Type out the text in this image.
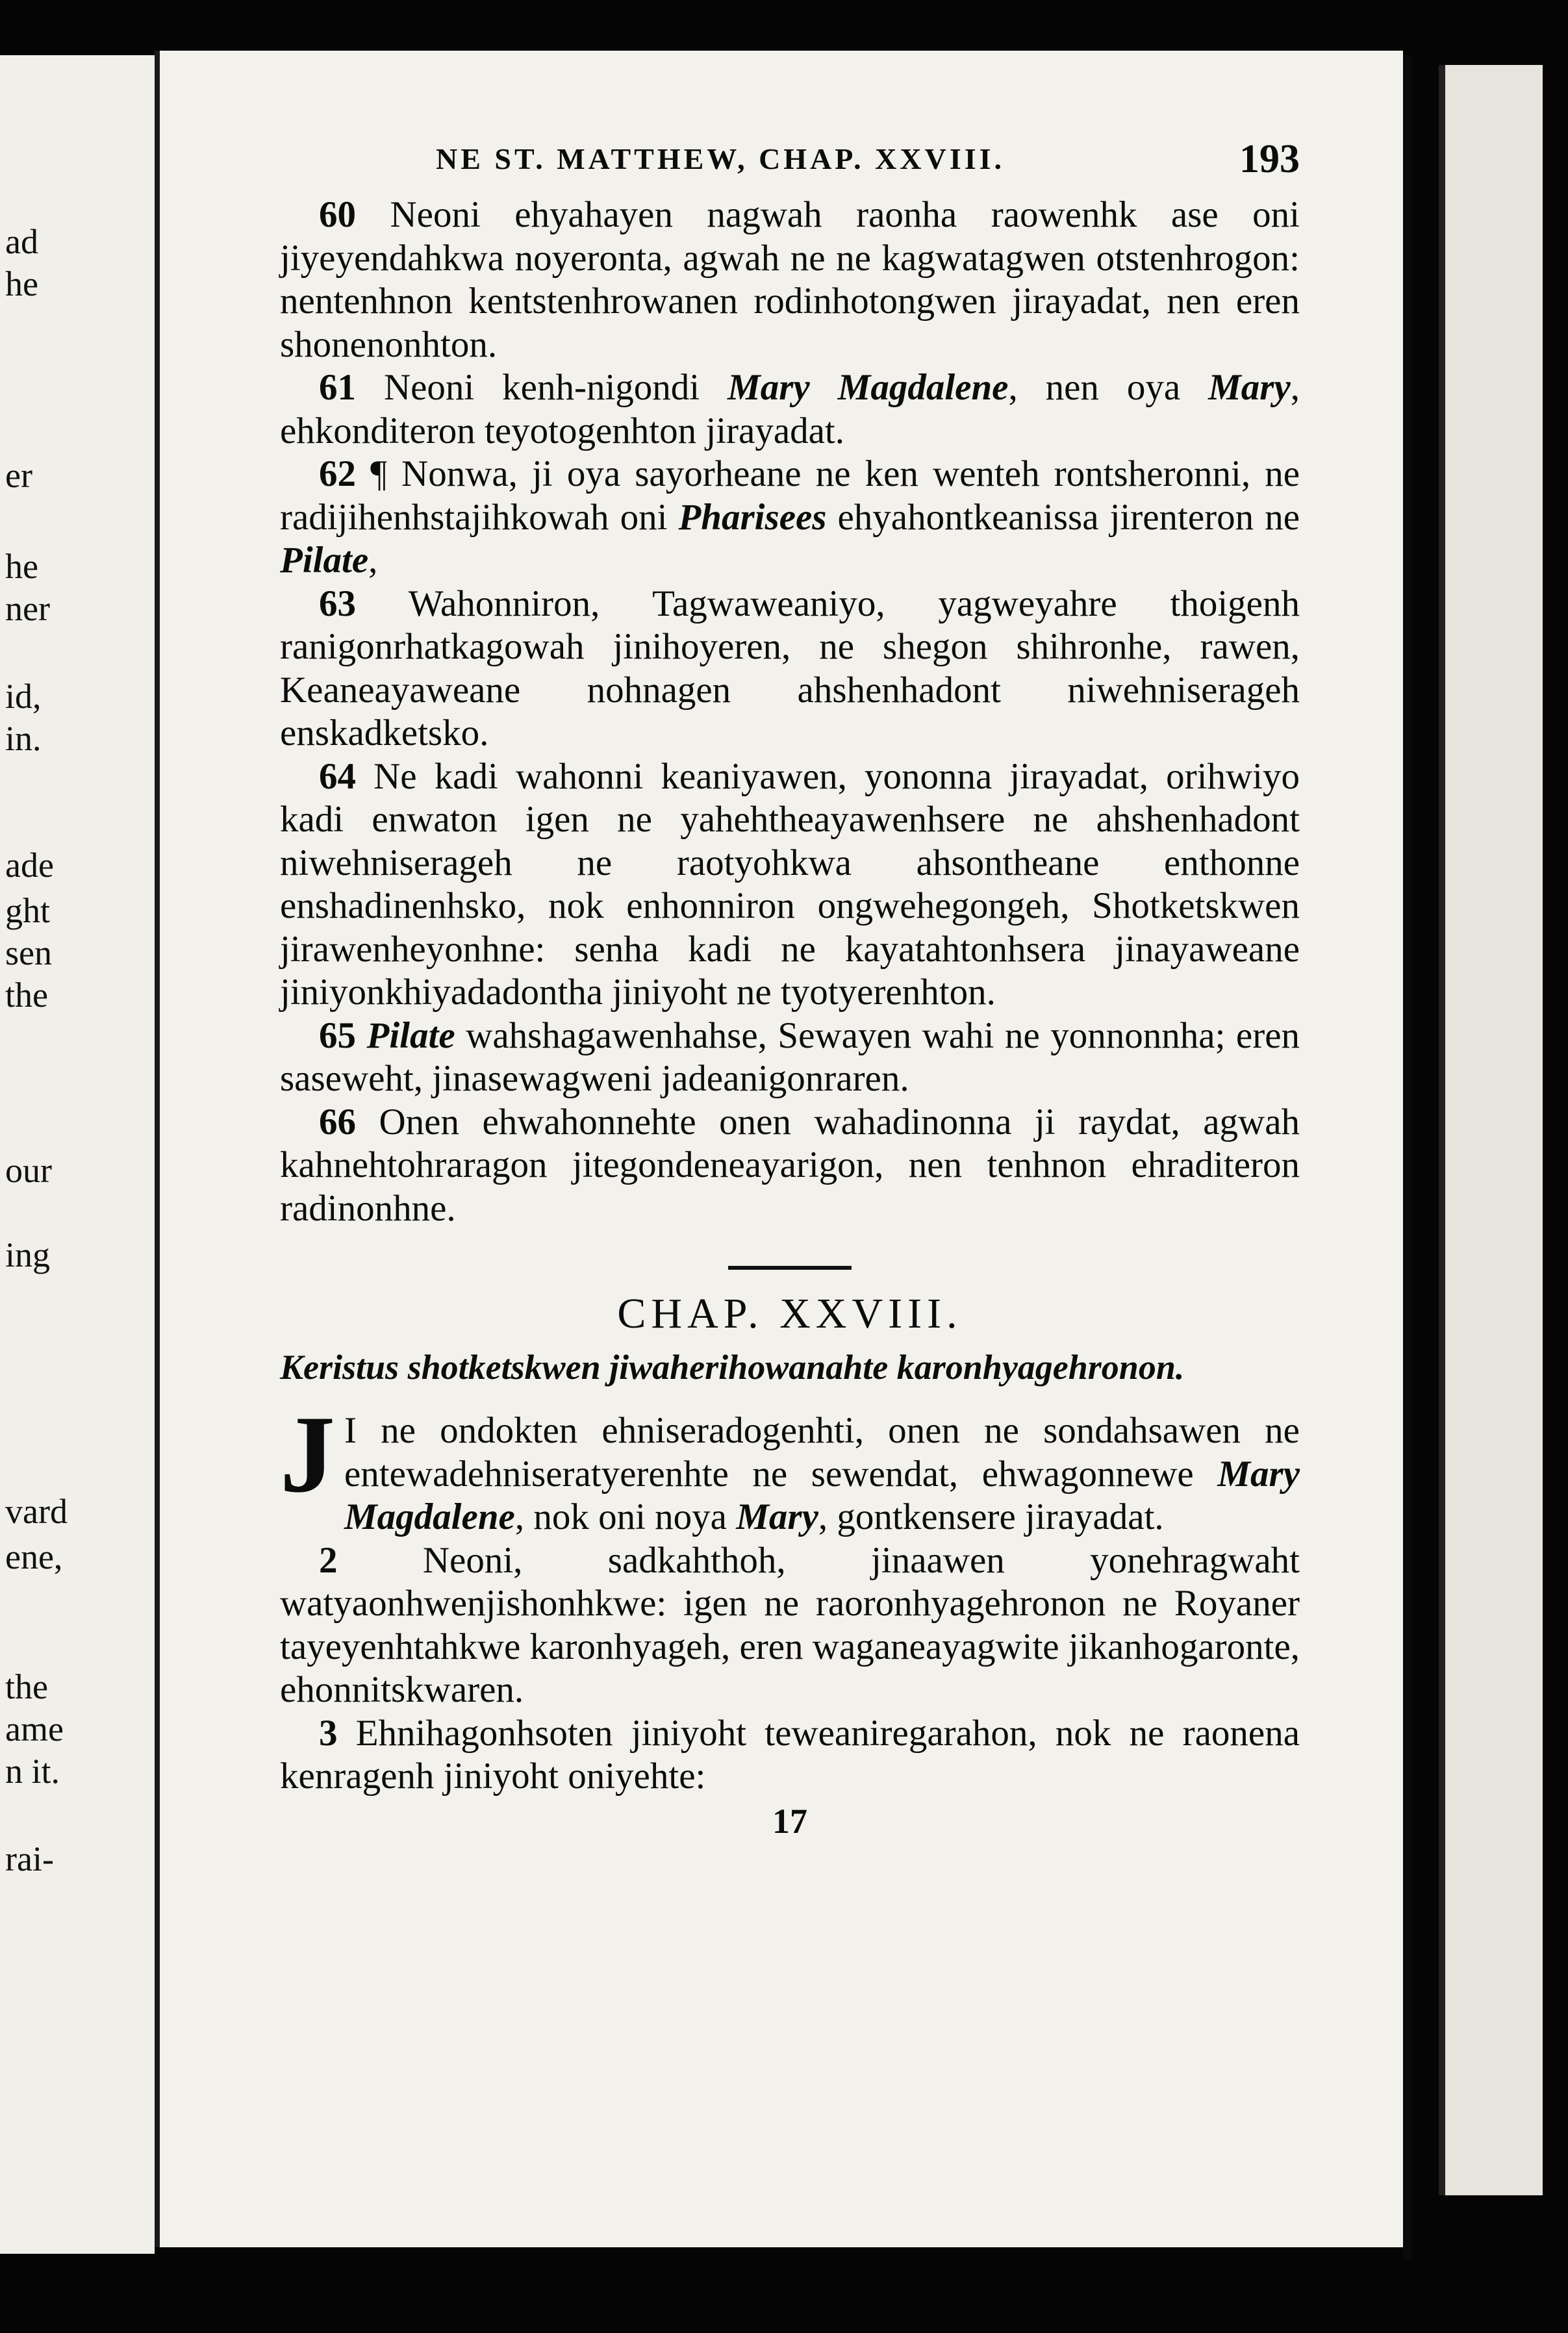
ad
he
er
he
ner
id,
in.
ade
ght
sen
the
our
ing
vard
ene,
the
ame
n it.
rai-
NE ST. MATTHEW, CHAP. XXVIII.	193

60 Neoni ehyahayen nagwah raonha raowenhk ase oni jiyeyendahkwa noyeronta, agwah ne ne kagwatagwen otstenhrogon: nentenhnon kentstenhrowanen rodinhotongwen jirayadat, nen eren shonenonhton.

61 Neoni kenh-nigondi Mary Magdalene, nen oya Mary, ehkonditeron teyotogenhton jirayadat.

62 ¶ Nonwa, ji oya sayorheane ne ken wenteh rontsheronni, ne radijihenhstajihkowah oni Pharisees ehyahontkeanissa jirenteron ne Pilate,

63 Wahonniron, Tagwaweaniyo, yagweyahre thoigenh ranigonrhatkagowah jinihoyeren, ne shegon shihronhe, rawen, Keaneayaweane nohnagen ahshenhadont niwehniserageh enskadketsko.

64 Ne kadi wahonni keaniyawen, yononna jirayadat, orihwiyo kadi enwaton igen ne yahehtheayawenhsere ne ahshenhadont niwehniserageh ne raotyohkwa ahsontheane enthonne enshadinenhsko, nok enhonniron ongwehegongeh, Shotketskwen jirawenheyonhne: senha kadi ne kayatahtonhsera jinayaweane jiniyonkhiyadadontha jiniyoht ne tyotyerenhton.

65 Pilate wahshagawenhahse, Sewayen wahi ne yonnonnha; eren saseweht, jinasewagweni jadeanigonraren.

66 Onen ehwahonnehte onen wahadinonna ji raydat, agwah kahnehtohraragon jitegondeneayarigon, nen tenhnon ehraditeron radinonhne.

CHAP. XXVIII.
Keristus shotketskwen jiwaherihowanahte karonhyagehronon.

J I ne ondokten ehniseradogenhti, onen ne sondahsawen ne entewadehniseratyerenhte ne sewendat, ehwagonnewe Mary Magdalene, nok oni noya Mary, gontkensere jirayadat.

2 Neoni, sadkahthoh, jinaawen yonehragwaht watyaonhwenjishonhkwe: igen ne raoronhyagehronon ne Royaner tayeyenhtahkwe karonhyageh, eren waganeayagwite jikanhogaronte, ehonnitskwaren.

3 Ehnihagonhsoten jiniyoht teweaniregarahon, nok ne raonena kenragenh jiniyoht oniyehte:

17
